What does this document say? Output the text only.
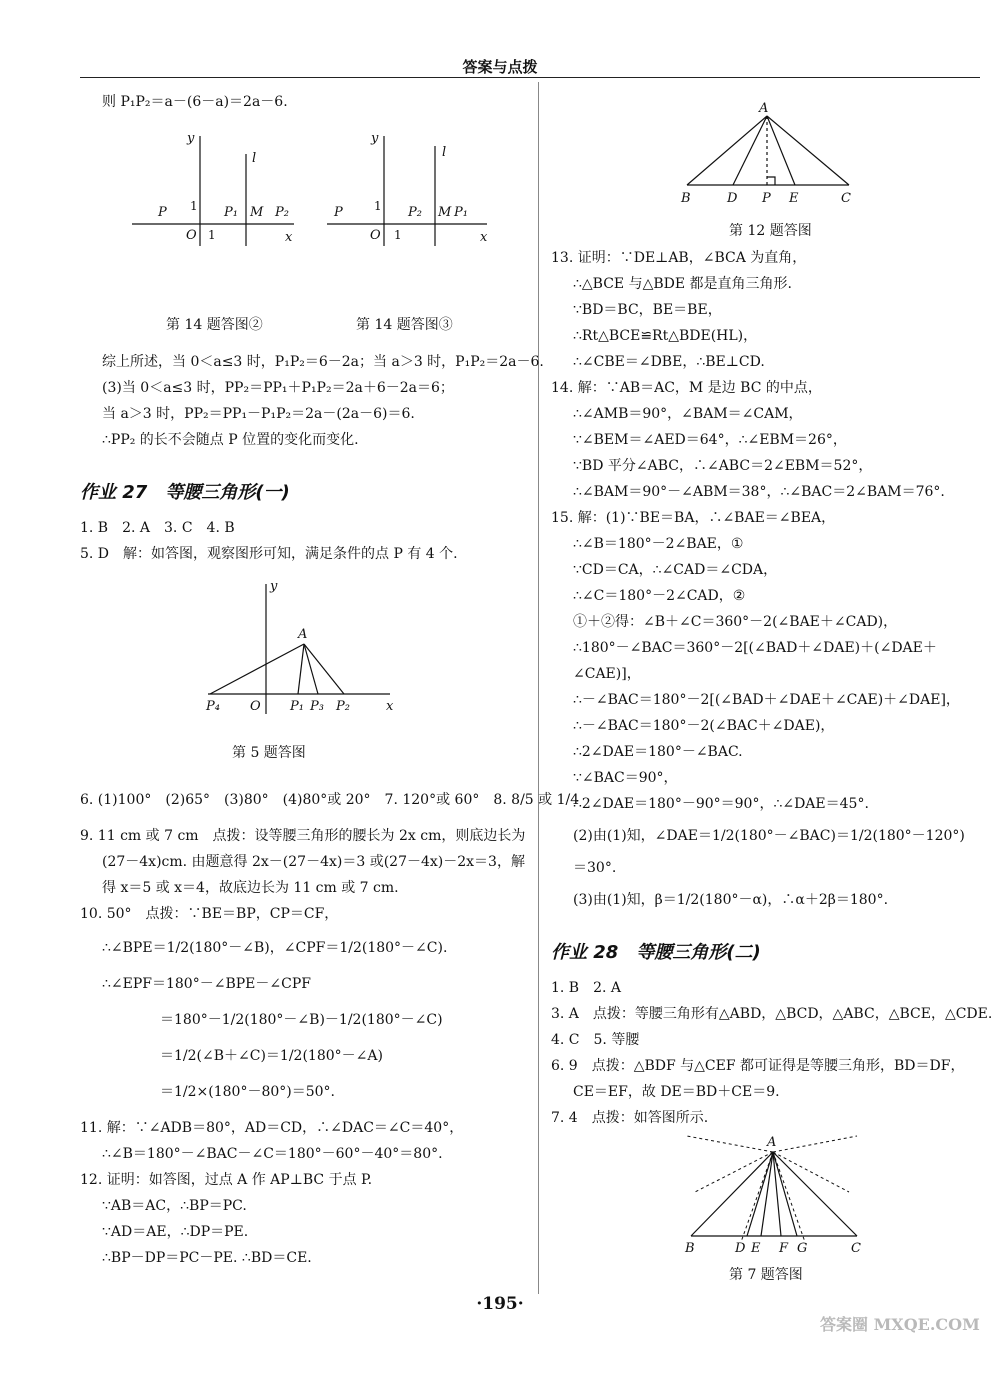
答案与点拨
则 P₁P₂＝a－(6－a)＝2a－6.
y
x
l
P	P₁ M P₂
O
y
x
l
P	P₂ M P₁
O
1
1
1
1
第 14 题答图②	第 14 题答图③
综上所述，当 0＜a≤3 时，P₁P₂＝6－2a；当 a＞3 时，P₁P₂＝2a－6.
(3)当 0＜a≤3 时，PP₂＝PP₁＋P₁P₂＝2a＋6－2a＝6；
当 a＞3 时，PP₂＝PP₁－P₁P₂＝2a－(2a－6)＝6.
∴PP₂ 的长不会随点 P 位置的变化而变化.
作业 27　等腰三角形(一)
1. B　2. A　3. C　4. B
5. D　解：如答图，观察图形可知，满足条件的点 P 有 4 个.
y
x
A
P₄ O P₁ P₃ P₂
第 5 题答图
6. (1)100°　(2)65°　(3)80°　(4)80°或 20°　7. 120°或 60°　8. 8/5 或 1/4
9. 11 cm 或 7 cm　点拨：设等腰三角形的腰长为 2x cm，则底边长为
(27－4x)cm. 由题意得 2x－(27－4x)＝3 或(27－4x)－2x＝3，解
得 x＝5 或 x＝4，故底边长为 11 cm 或 7 cm.
10. 50°　点拨：∵BE＝BP，CP＝CF，
∴∠BPE＝1/2(180°－∠B)，∠CPF＝1/2(180°－∠C).
∴∠EPF＝180°－∠BPE－∠CPF
＝180°－1/2(180°－∠B)－1/2(180°－∠C)
＝1/2(∠B＋∠C)＝1/2(180°－∠A)
＝1/2×(180°－80°)＝50°.
11. 解：∵∠ADB＝80°，AD＝CD，∴∠DAC＝∠C＝40°，
∴∠B＝180°－∠BAC－∠C＝180°－60°－40°＝80°.
12. 证明：如答图，过点 A 作 AP⊥BC 于点 P.
∵AB＝AC，∴BP＝PC.
∵AD＝AE，∴DP＝PE.
∴BP－DP＝PC－PE. ∴BD＝CE.
A
B	D P E	C
第 12 题答图
13. 证明：∵DE⊥AB，∠BCA 为直角，
∴△BCE 与△BDE 都是直角三角形.
∵BD＝BC，BE＝BE，
∴Rt△BCE≌Rt△BDE(HL)，
∴∠CBE＝∠DBE，∴BE⊥CD.
14. 解：∵AB＝AC，M 是边 BC 的中点，
∴∠AMB＝90°，∠BAM＝∠CAM，
∵∠BEM＝∠AED＝64°，∴∠EBM＝26°，
∵BD 平分∠ABC，∴∠ABC＝2∠EBM＝52°，
∴∠BAM＝90°－∠ABM＝38°，∴∠BAC＝2∠BAM＝76°.
15. 解：(1)∵BE＝BA，∴∠BAE＝∠BEA，
∴∠B＝180°－2∠BAE，①
∵CD＝CA，∴∠CAD＝∠CDA，
∴∠C＝180°－2∠CAD，②
①＋②得：∠B＋∠C＝360°－2(∠BAE＋∠CAD)，
∴180°－∠BAC＝360°－2[(∠BAD＋∠DAE)＋(∠DAE＋
∠CAE)]，
∴－∠BAC＝180°－2[(∠BAD＋∠DAE＋∠CAE)＋∠DAE]，
∴－∠BAC＝180°－2(∠BAC＋∠DAE)，
∴2∠DAE＝180°－∠BAC.
∵∠BAC＝90°，
∴2∠DAE＝180°－90°＝90°，∴∠DAE＝45°.
(2)由(1)知，∠DAE＝1/2(180°－∠BAC)＝1/2(180°－120°)
＝30°.
(3)由(1)知，β＝1/2(180°－α)，∴α＋2β＝180°.
作业 28　等腰三角形(二)
1. B　2. A
3. A　点拨：等腰三角形有△ABD，△BCD，△ABC，△BCE，△CDE.
4. C　5. 等腰
6. 9　点拨：△BDF 与△CEF 都可证得是等腰三角形，BD＝DF，
CE＝EF，故 DE＝BD＋CE＝9.
7. 4　点拨：如答图所示.
A
B	D E F G	C
第 7 题答图
·195·
答案圈 MXQE.COM
